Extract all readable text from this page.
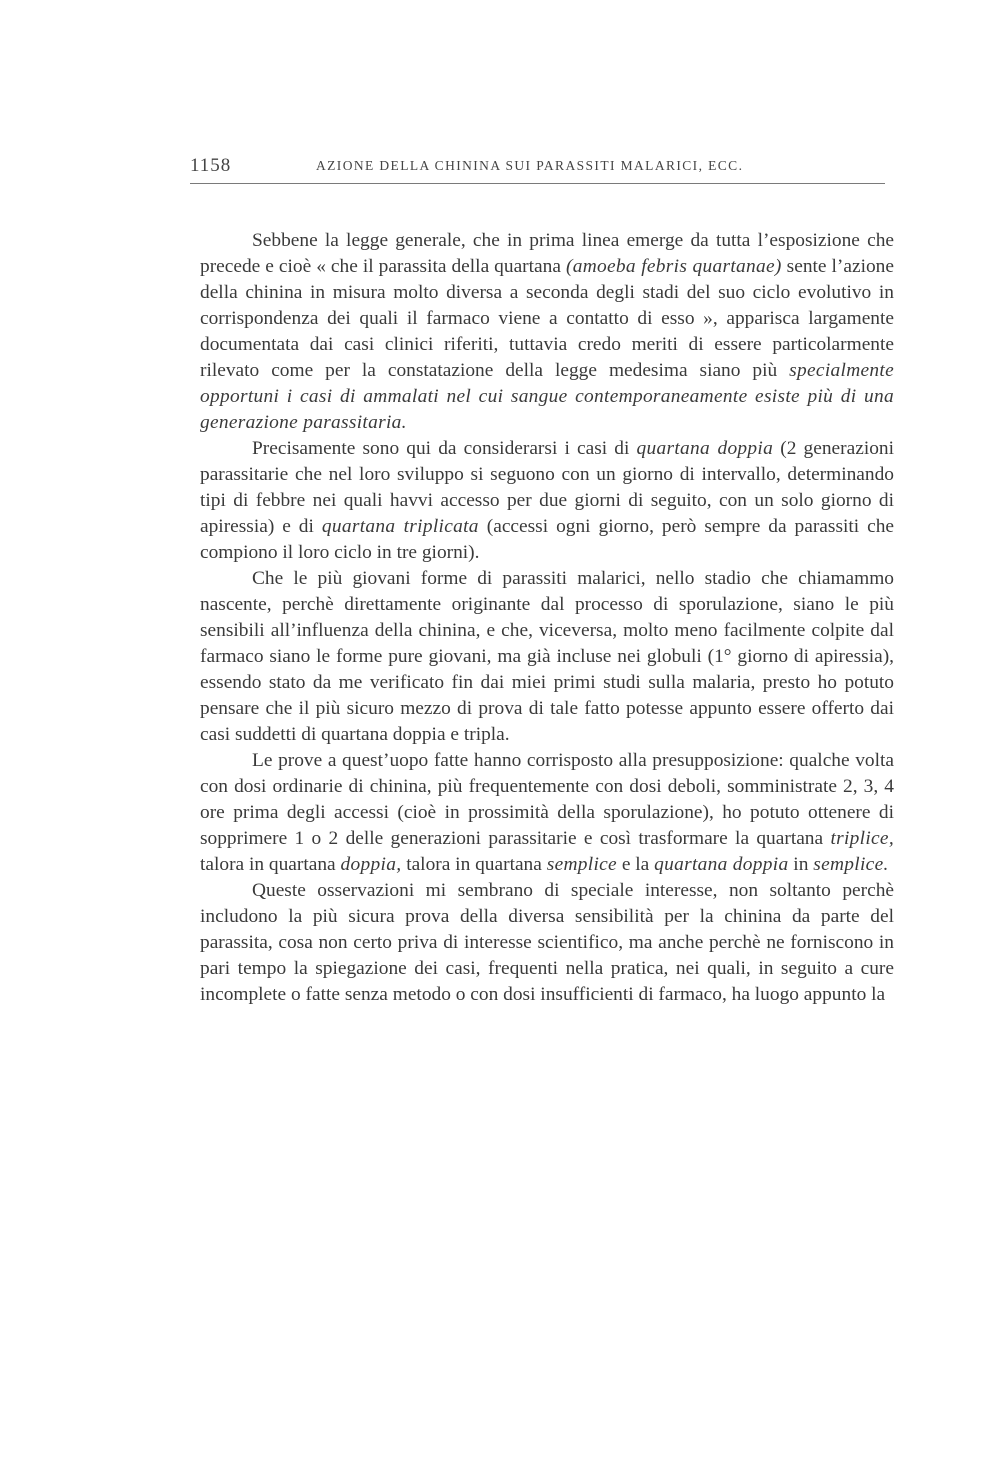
1158	AZIONE DELLA CHININA SUI PARASSITI MALARICI, ECC.

Sebbene la legge generale, che in prima linea emerge da tutta l’esposizione che precede e cioè « che il parassita della quartana (amoeba febris quartanae) sente l’azione della chinina in misura molto diversa a seconda degli stadi del suo ciclo evolutivo in corrispondenza dei quali il farmaco viene a contatto di esso », apparisca largamente documentata dai casi clinici riferiti, tuttavia credo meriti di essere particolarmente rilevato come per la constatazione della legge medesima siano più specialmente opportuni i casi di ammalati nel cui sangue contemporaneamente esiste più di una generazione parassitaria.

Precisamente sono qui da considerarsi i casi di quartana doppia (2 generazioni parassitarie che nel loro sviluppo si seguono con un giorno di intervallo, determinando tipi di febbre nei quali havvi accesso per due giorni di seguito, con un solo giorno di apiressia) e di quartana triplicata (accessi ogni giorno, però sempre da parassiti che compiono il loro ciclo in tre giorni).

Che le più giovani forme di parassiti malarici, nello stadio che chiamammo nascente, perchè direttamente originante dal processo di sporulazione, siano le più sensibili all’influenza della chinina, e che, viceversa, molto meno facilmente colpite dal farmaco siano le forme pure giovani, ma già incluse nei globuli (1° giorno di apiressia), essendo stato da me verificato fin dai miei primi studi sulla malaria, presto ho potuto pensare che il più sicuro mezzo di prova di tale fatto potesse appunto essere offerto dai casi suddetti di quartana doppia e tripla.

Le prove a quest’uopo fatte hanno corrisposto alla presupposizione: qualche volta con dosi ordinarie di chinina, più frequentemente con dosi deboli, somministrate 2, 3, 4 ore prima degli accessi (cioè in prossimità della sporulazione), ho potuto ottenere di sopprimere 1 o 2 delle generazioni parassitarie e così trasformare la quartana triplice, talora in quartana doppia, talora in quartana semplice e la quartana doppia in semplice.

Queste osservazioni mi sembrano di speciale interesse, non soltanto perchè includono la più sicura prova della diversa sensibilità per la chinina da parte del parassita, cosa non certo priva di interesse scientifico, ma anche perchè ne forniscono in pari tempo la spiegazione dei casi, frequenti nella pratica, nei quali, in seguito a cure incomplete o fatte senza metodo o con dosi insufficienti di farmaco, ha luogo appunto la
